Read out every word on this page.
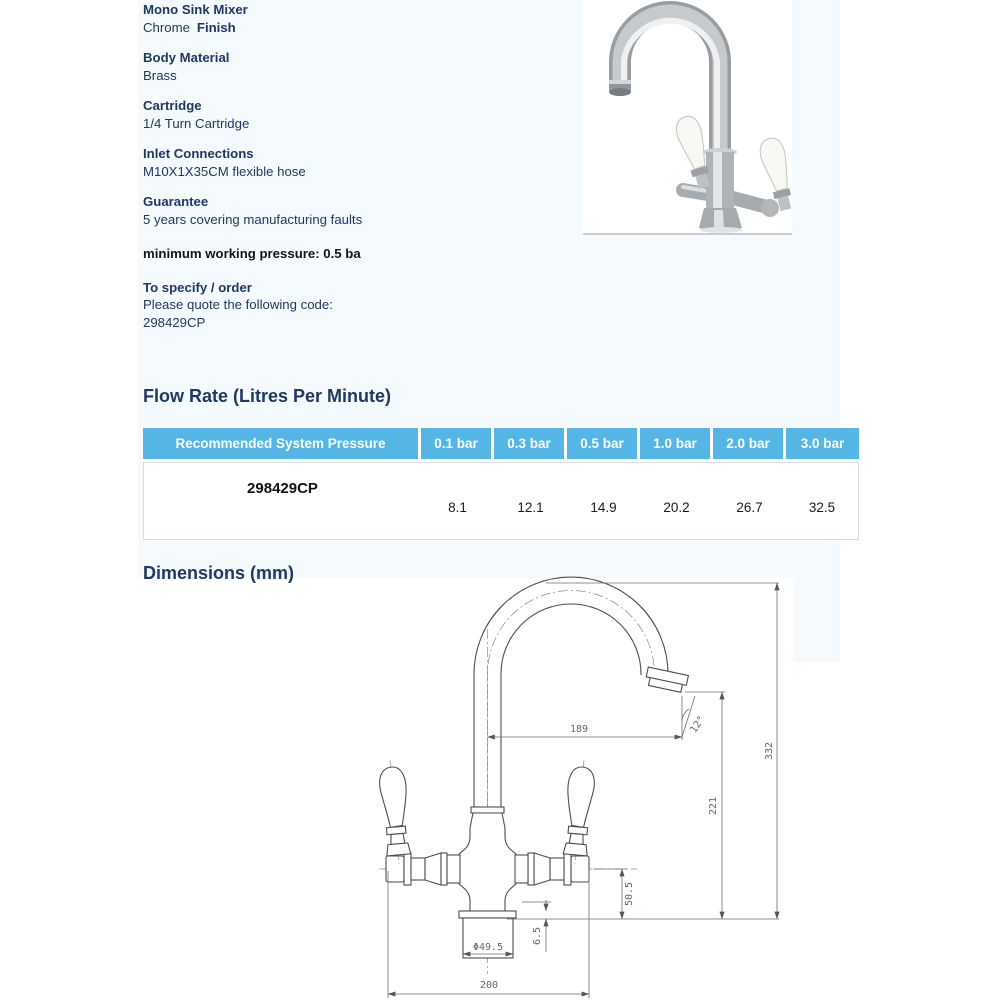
Mono Sink Mixer
Chrome Finish
Body Material
Brass
Cartridge
1/4 Turn Cartridge
Inlet Connections
M10X1X35CM flexible hose
Guarantee
5 years covering manufacturing faults
minimum working pressure: 0.5 ba
To specify / order
Please quote the following code:
298429CP
Flow Rate (Litres Per Minute)
Recommended System Pressure	0.1 bar	0.3 bar	0.5 bar	1.0 bar	2.0 bar	3.0 bar
298429CP
8.1	12.1	14.9	20.2	26.7	32.5
Dimensions (mm)
189	12°
332
221
50.5
6.5
Φ49.5
200
